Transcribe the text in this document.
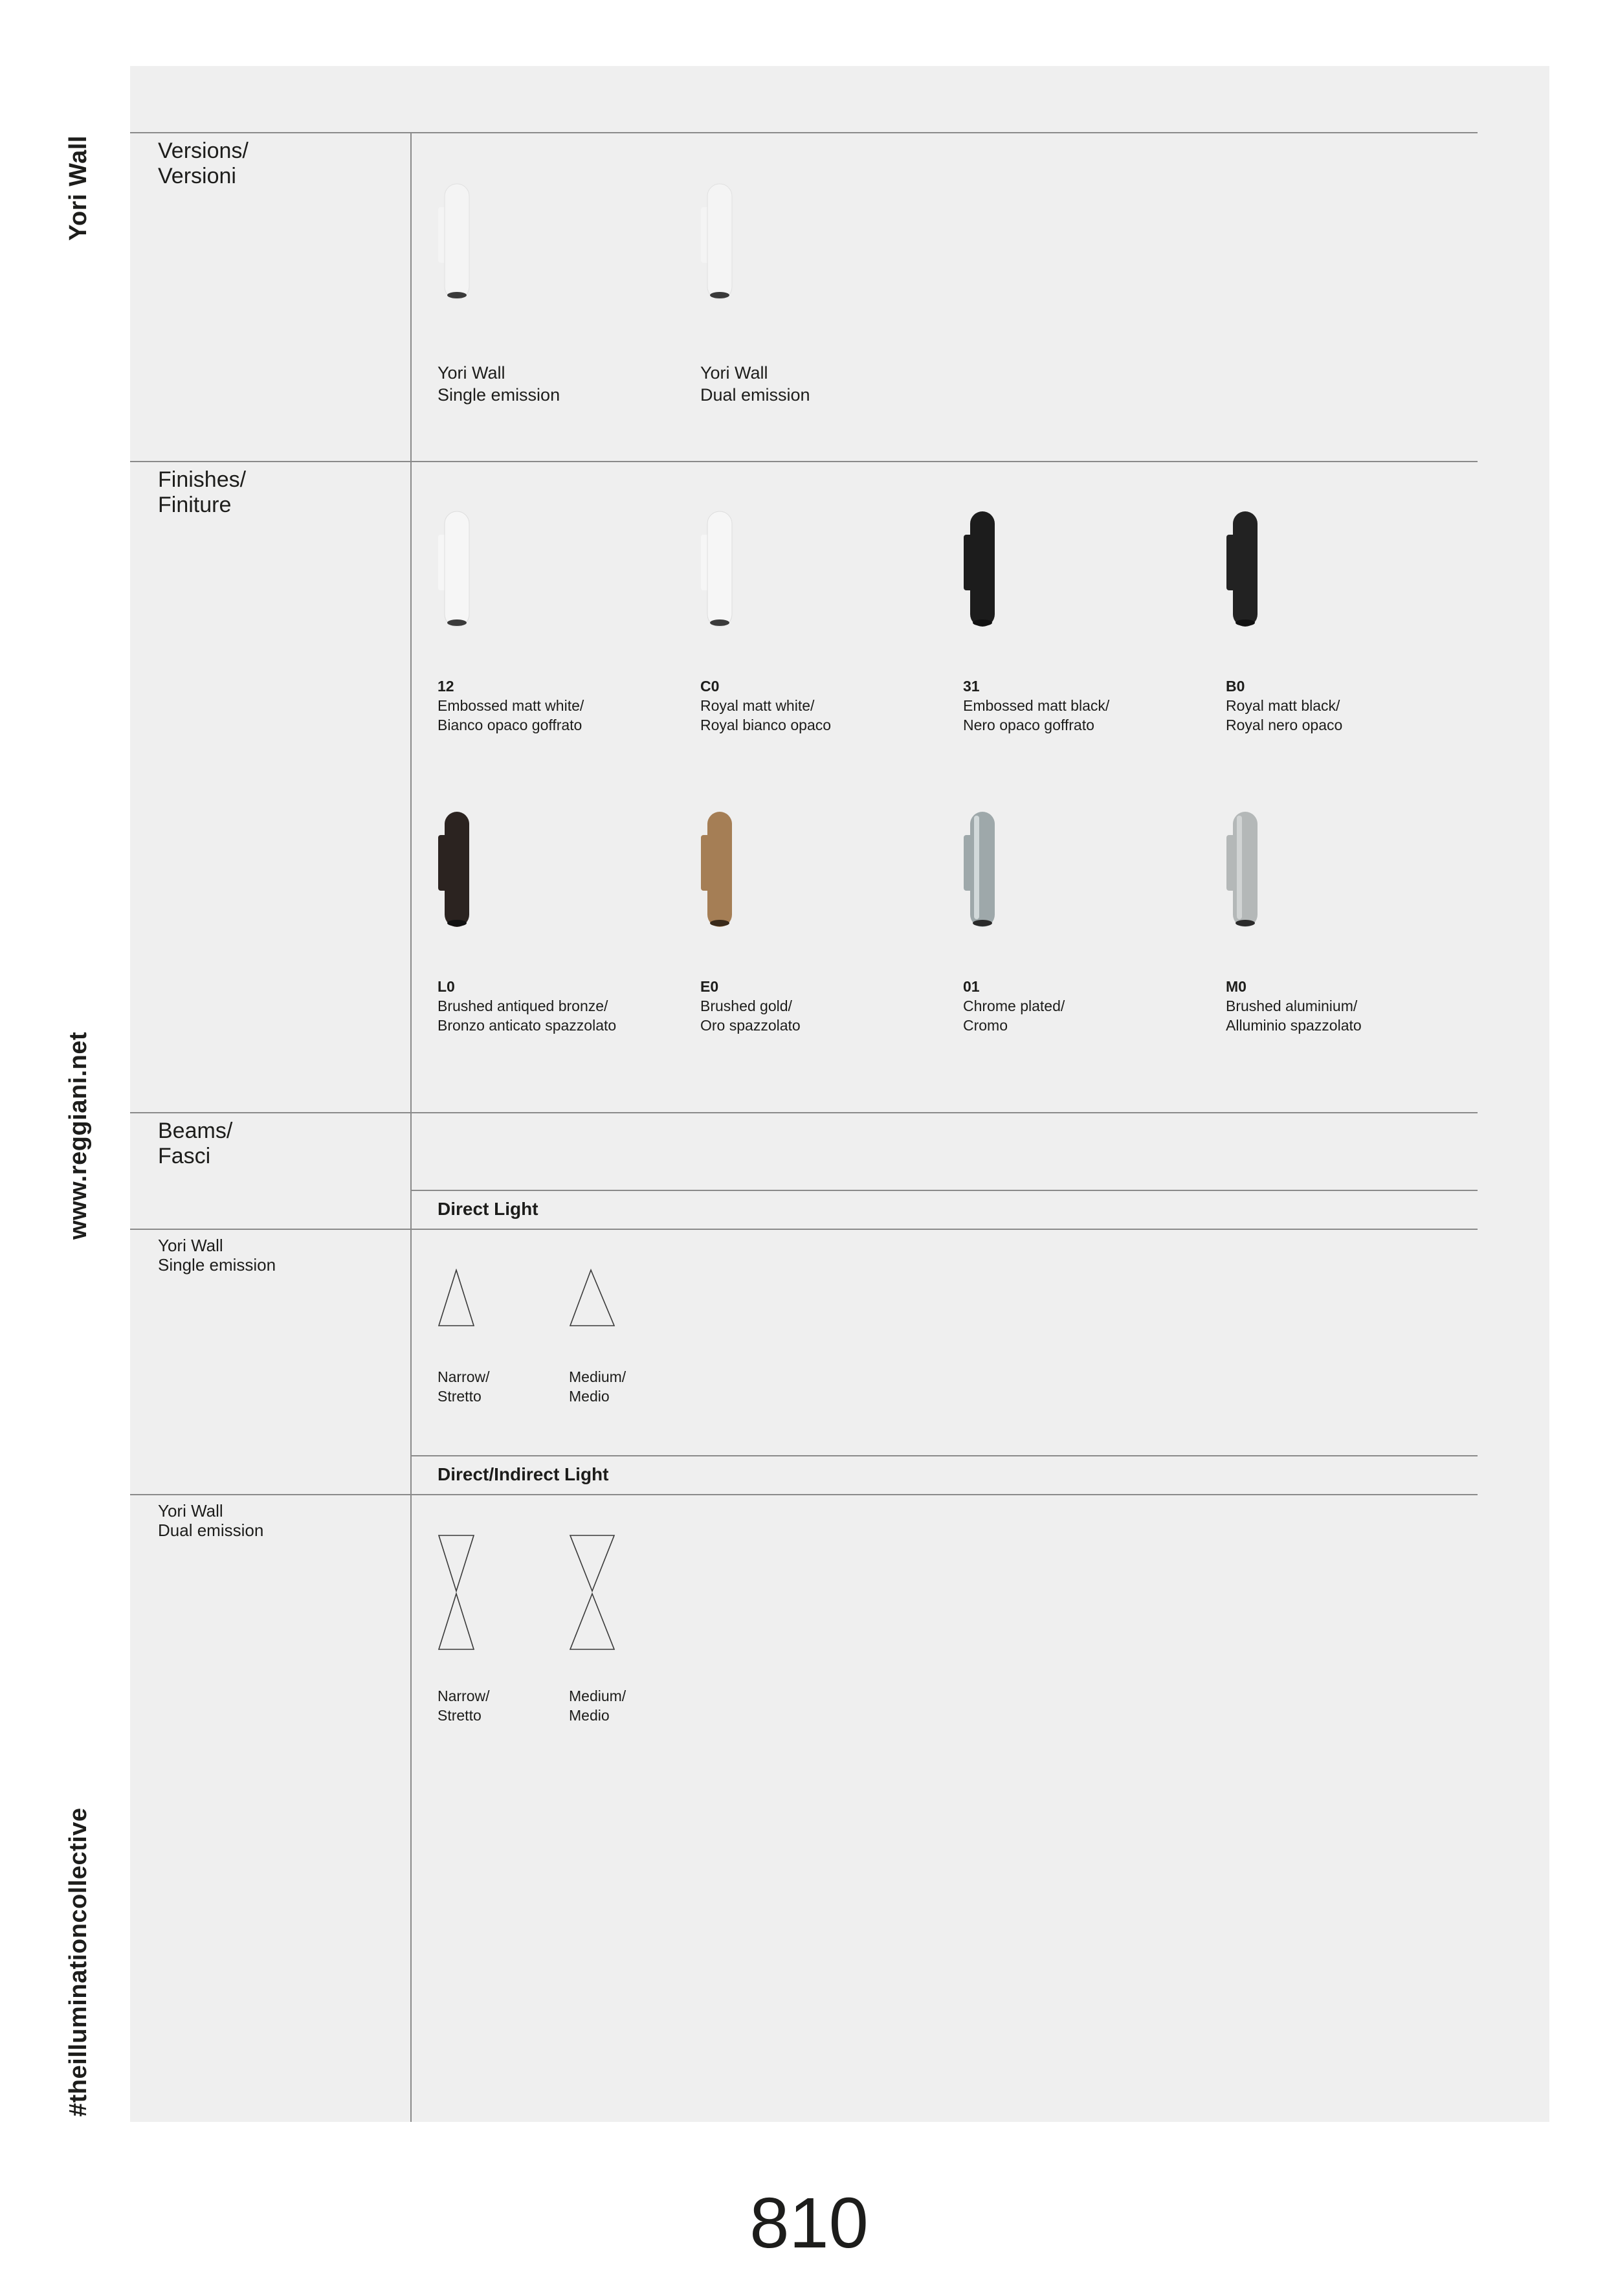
Yori Wall
www.reggiani.net
#theilluminationcollective
Versions/
Versioni
Yori Wall
Single emission
Yori Wall
Dual emission
Finishes/
Finiture
12
Embossed matt white/
Bianco opaco goffrato
C0
Royal matt white/
Royal bianco opaco
31
Embossed matt black/
Nero opaco goffrato
B0
Royal matt black/
Royal nero opaco
L0
Brushed antiqued bronze/
Bronzo anticato spazzolato
E0
Brushed gold/
Oro spazzolato
01
Chrome plated/
Cromo
M0
Brushed aluminium/
Alluminio spazzolato
Beams/
Fasci
Direct Light
Yori Wall
Single emission
Narrow/
Stretto
Medium/
Medio
Direct/Indirect Light
Yori Wall
Dual emission
Narrow/
Stretto
Medium/
Medio
810
